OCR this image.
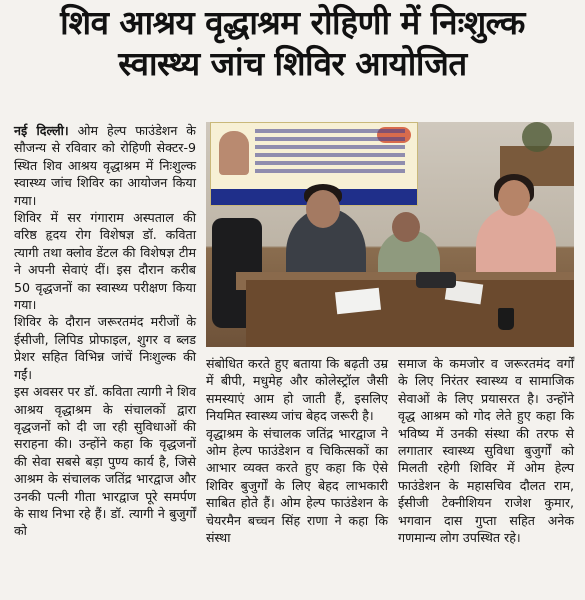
शिव आश्रय वृद्धाश्रम रोहिणी में निःशुल्क
स्वास्थ्य जांच शिविर आयोजित

नई दिल्ली। ओम हेल्प फाउंडेशन के सौजन्य से रविवार को रोहिणी सेक्टर-9 स्थित शिव आश्रय वृद्धाश्रम में निःशुल्क स्वास्थ्य जांच शिविर का आयोजन किया गया।

शिविर में सर गंगाराम अस्पताल की वरिष्ठ हृदय रोग विशेषज्ञ डॉ. कविता त्यागी तथा क्लोव डेंटल की विशेषज्ञ टीम ने अपनी सेवाएं दीं। इस दौरान करीब 50 वृद्धजनों का स्वास्थ्य परीक्षण किया गया।

शिविर के दौरान जरूरतमंद मरीजों के ईसीजी, लिपिड प्रोफाइल, शुगर व ब्लड प्रेशर सहित विभिन्न जांचें निःशुल्क की गईं।

इस अवसर पर डॉ. कविता त्यागी ने शिव आश्रय वृद्धाश्रम के संचालकों द्वारा वृद्धजनों को दी जा रही सुविधाओं की सराहना की। उन्होंने कहा कि वृद्धजनों की सेवा सबसे बड़ा पुण्य कार्य है, जिसे आश्रम के संचालक जतिंद्र भारद्वाज और उनकी पत्नी गीता भारद्वाज पूरे समर्पण के साथ निभा रहे हैं। डॉ. त्यागी ने बुजुर्गों को

संबोधित करते हुए बताया कि बढ़ती उम्र में बीपी, मधुमेह और कोलेस्ट्रॉल जैसी समस्याएं आम हो जाती हैं, इसलिए नियमित स्वास्थ्य जांच बेहद जरूरी है।

वृद्धाश्रम के संचालक जतिंद्र भारद्वाज ने ओम हेल्प फाउंडेशन व चिकित्सकों का आभार व्यक्त करते हुए कहा कि ऐसे शिविर बुजुर्गों के लिए बेहद लाभकारी साबित होते हैं। ओम हेल्प फाउंडेशन के चेयरमैन बच्चन सिंह राणा ने कहा कि संस्था

समाज के कमजोर व जरूरतमंद वर्गों के लिए निरंतर स्वास्थ्य व सामाजिक सेवाओं के लिए प्रयासरत है। उन्होंने वृद्ध आश्रम को गोद लेते हुए कहा कि भविष्य में उनकी संस्था की तरफ से लगातार स्वास्थ्य सुविधा बुजुर्गों को मिलती रहेगी शिविर में ओम हेल्प फाउंडेशन के महासचिव दौलत राम, ईसीजी टेक्नीशियन राजेश कुमार, भगवान दास गुप्ता सहित अनेक गणमान्य लोग उपस्थित रहे।
